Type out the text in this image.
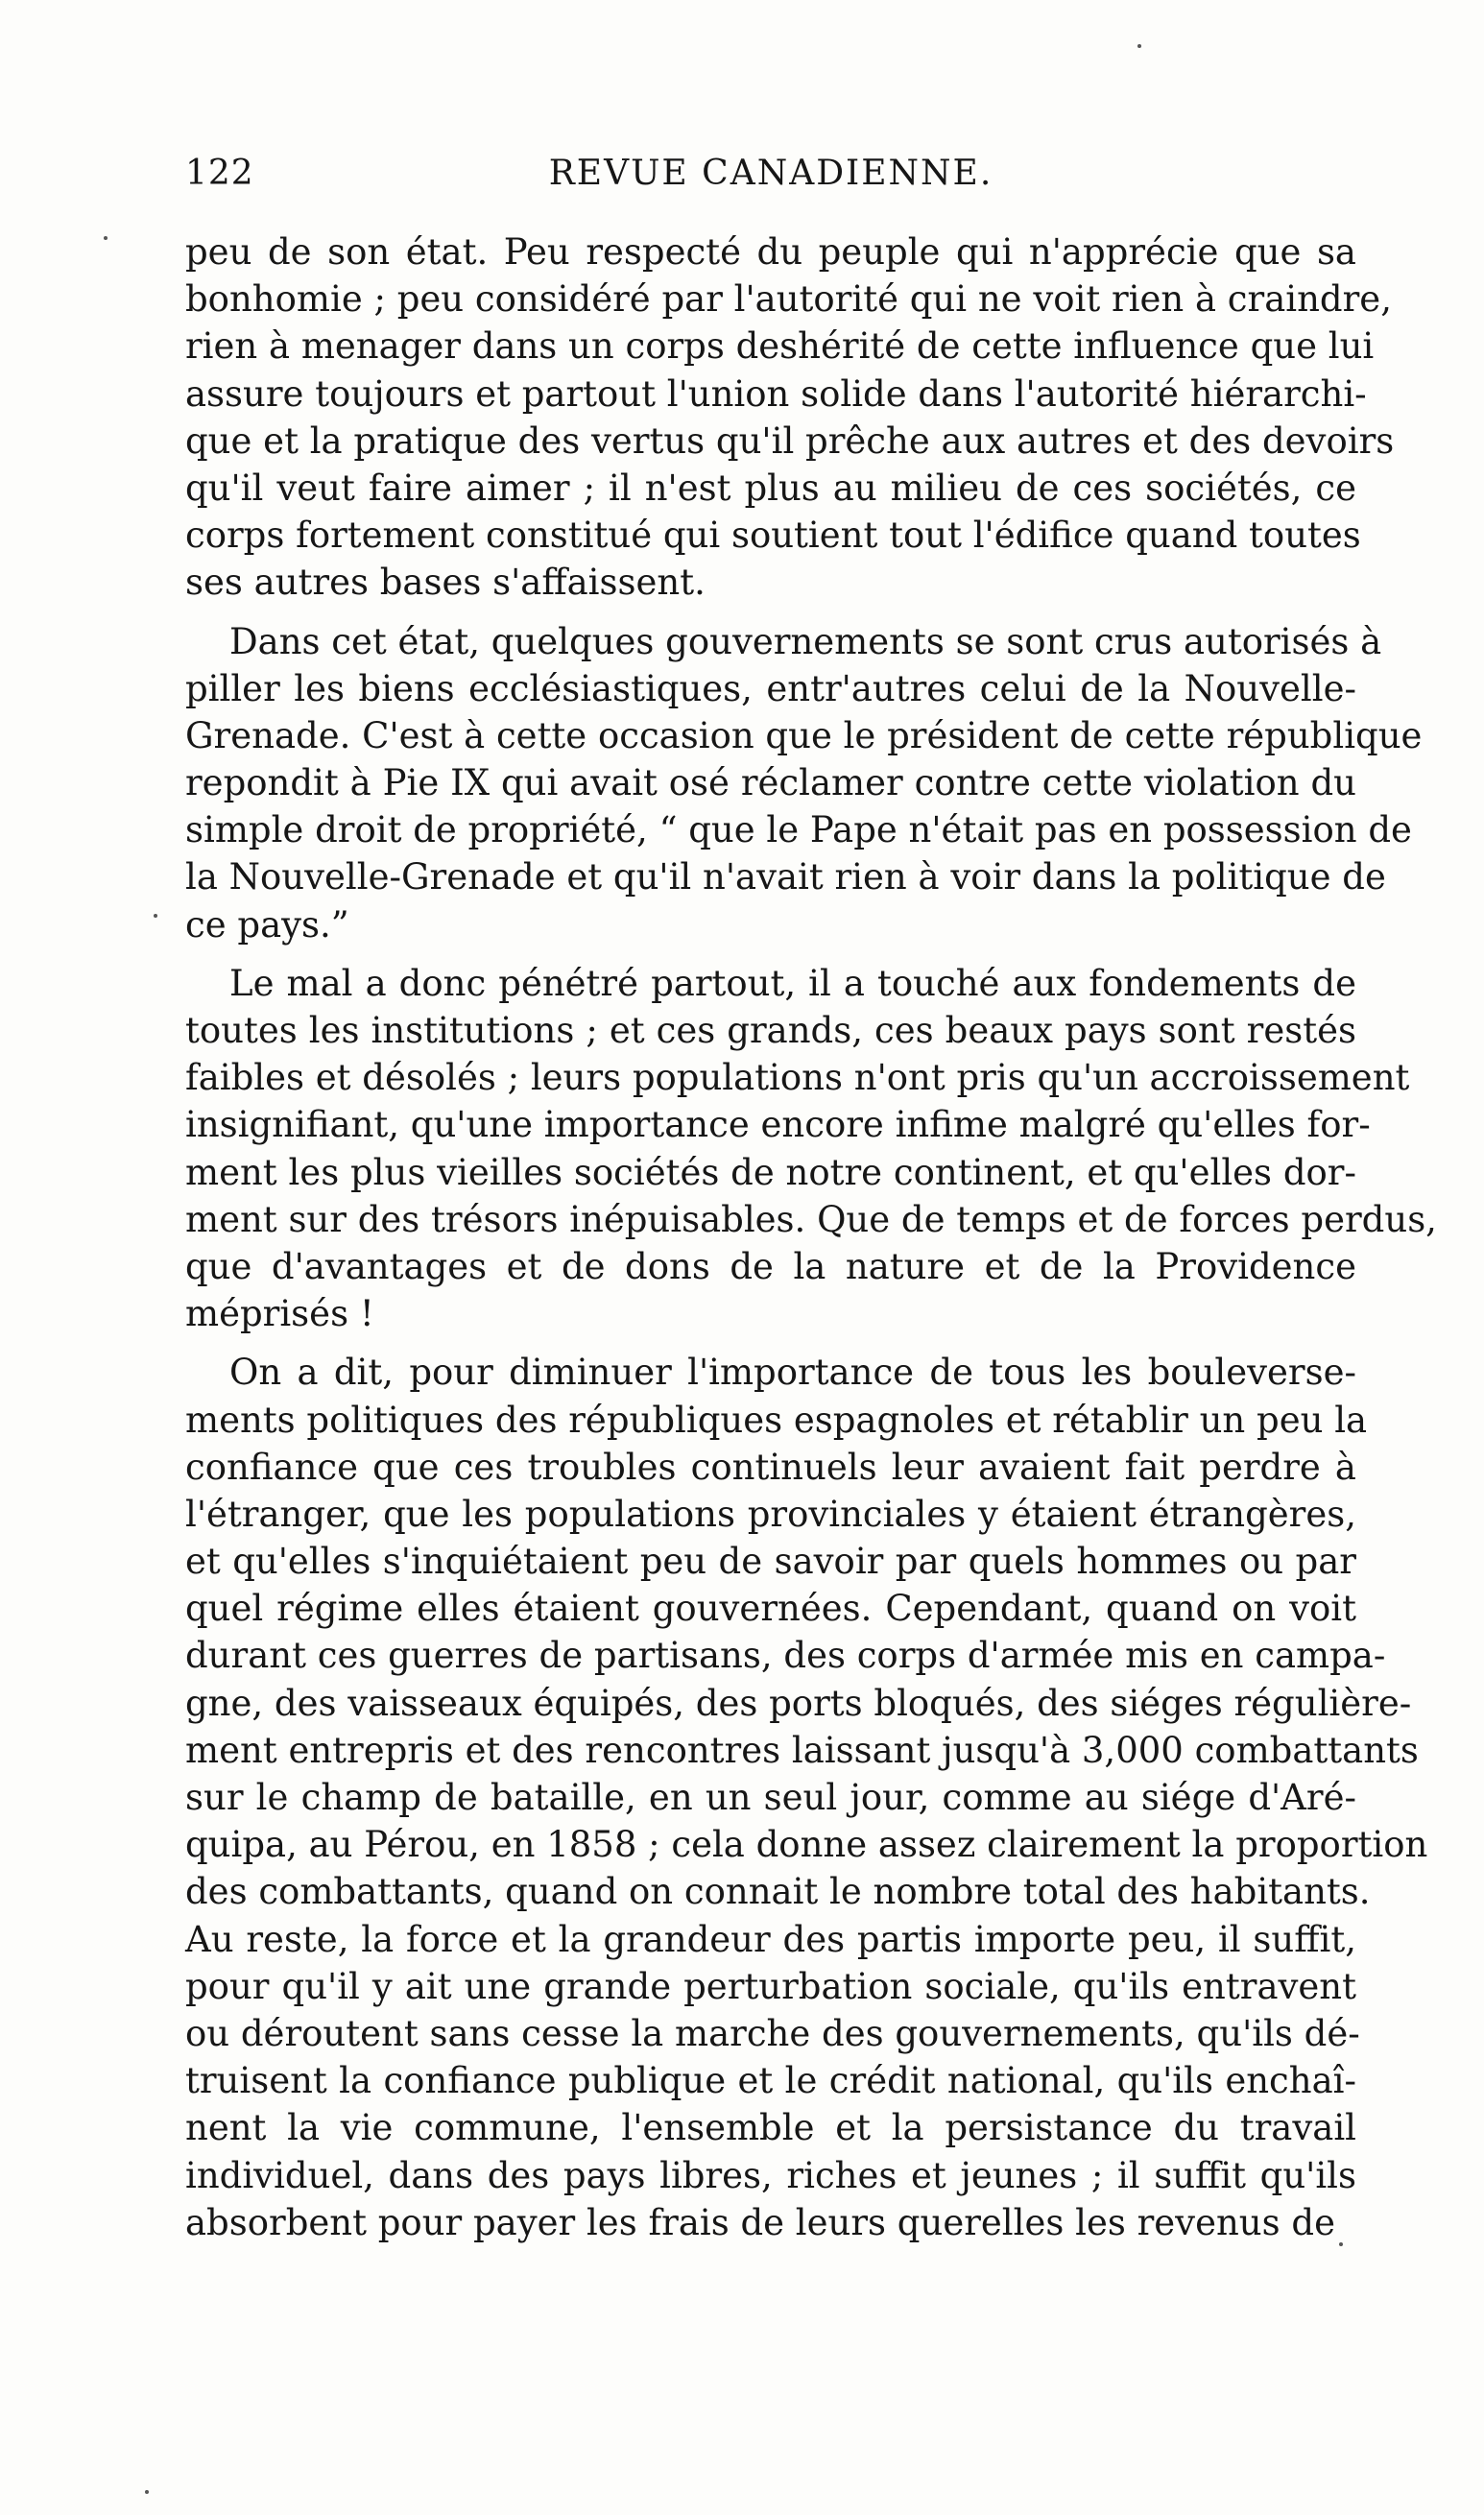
122	REVUE CANADIENNE.
peu de son état. Peu respecté du peuple qui n'apprécie que sa
bonhomie ; peu considéré par l'autorité qui ne voit rien à craindre,
rien à menager dans un corps deshérité de cette influence que lui
assure toujours et partout l'union solide dans l'autorité hiérarchi-
que et la pratique des vertus qu'il prêche aux autres et des devoirs
qu'il veut faire aimer ; il n'est plus au milieu de ces sociétés, ce
corps fortement constitué qui soutient tout l'édifice quand toutes
ses autres bases s'affaissent.
Dans cet état, quelques gouvernements se sont crus autorisés à
piller les biens ecclésiastiques, entr'autres celui de la Nouvelle-
Grenade. C'est à cette occasion que le président de cette république
repondit à Pie IX qui avait osé réclamer contre cette violation du
simple droit de propriété, “ que le Pape n'était pas en possession de
la Nouvelle-Grenade et qu'il n'avait rien à voir dans la politique de
ce pays.”
Le mal a donc pénétré partout, il a touché aux fondements de
toutes les institutions ; et ces grands, ces beaux pays sont restés
faibles et désolés ; leurs populations n'ont pris qu'un accroissement
insignifiant, qu'une importance encore infime malgré qu'elles for-
ment les plus vieilles sociétés de notre continent, et qu'elles dor-
ment sur des trésors inépuisables. Que de temps et de forces perdus,
que d'avantages et de dons de la nature et de la Providence
méprisés !
On a dit, pour diminuer l'importance de tous les bouleverse-
ments politiques des républiques espagnoles et rétablir un peu la
confiance que ces troubles continuels leur avaient fait perdre à
l'étranger, que les populations provinciales y étaient étrangères,
et qu'elles s'inquiétaient peu de savoir par quels hommes ou par
quel régime elles étaient gouvernées. Cependant, quand on voit
durant ces guerres de partisans, des corps d'armée mis en campa-
gne, des vaisseaux équipés, des ports bloqués, des siéges régulière-
ment entrepris et des rencontres laissant jusqu'à 3,000 combattants
sur le champ de bataille, en un seul jour, comme au siége d'Aré-
quipa, au Pérou, en 1858 ; cela donne assez clairement la proportion
des combattants, quand on connait le nombre total des habitants.
Au reste, la force et la grandeur des partis importe peu, il suffit,
pour qu'il y ait une grande perturbation sociale, qu'ils entravent
ou déroutent sans cesse la marche des gouvernements, qu'ils dé-
truisent la confiance publique et le crédit national, qu'ils enchaî-
nent la vie commune, l'ensemble et la persistance du travail
individuel, dans des pays libres, riches et jeunes ; il suffit qu'ils
absorbent pour payer les frais de leurs querelles les revenus de
